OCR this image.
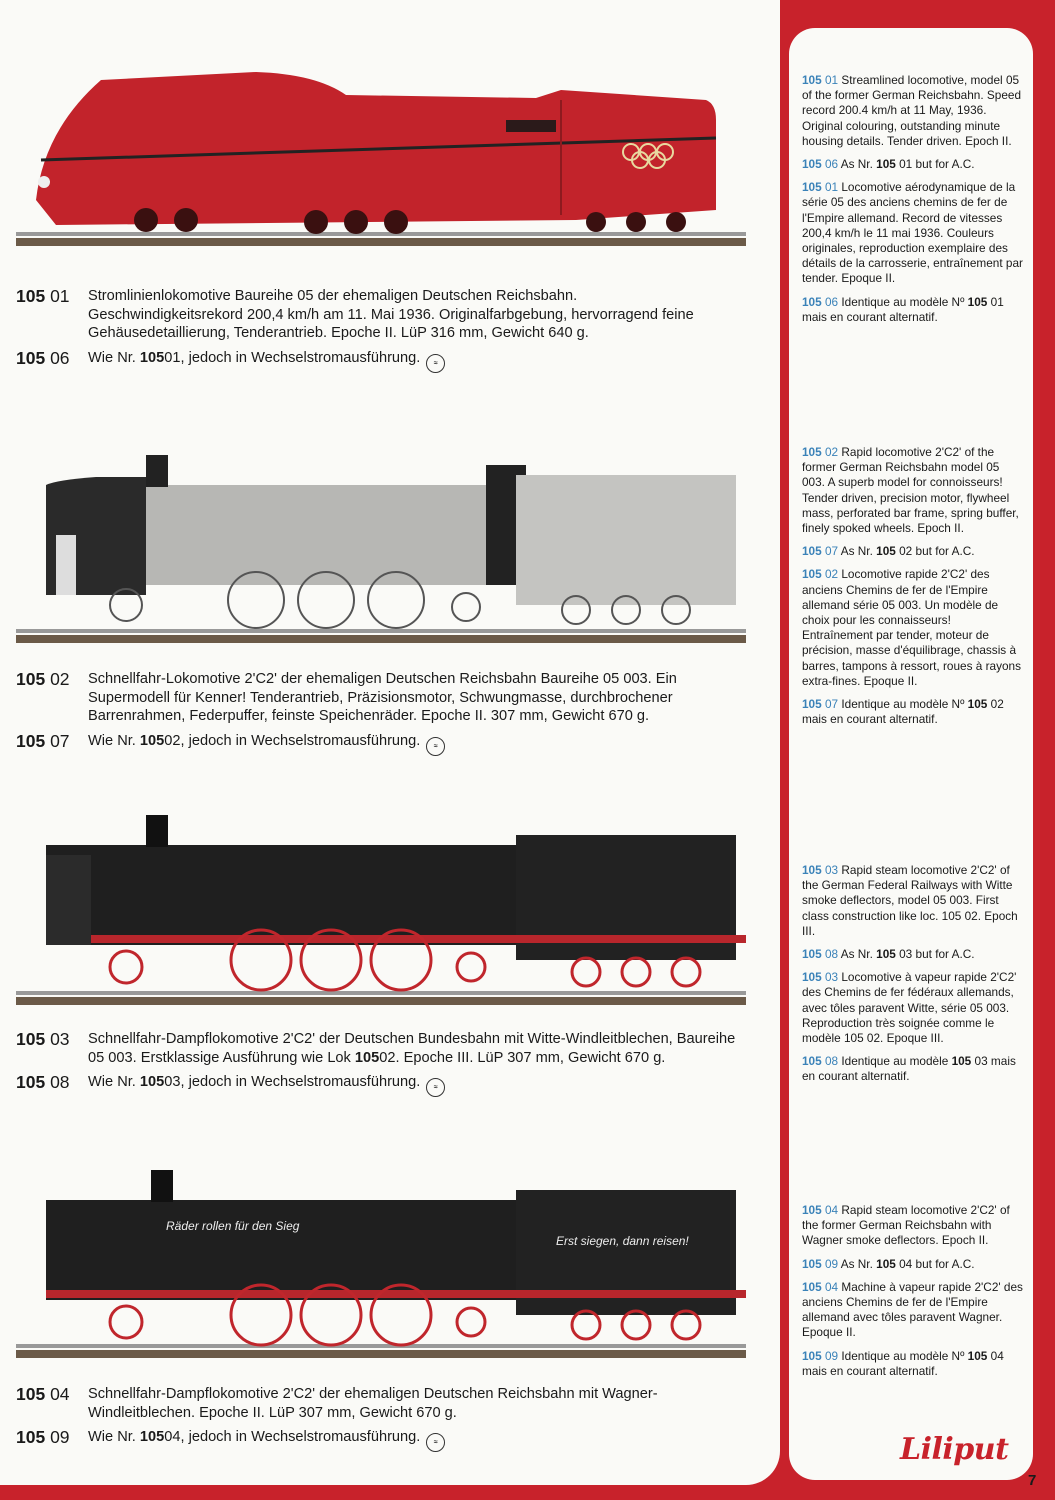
105 01 Stromlinienlokomotive Baureihe 05 der ehemaligen Deutschen Reichsbahn. Geschwindigkeitsrekord 200,4 km/h am 11. Mai 1936. Originalfarbgebung, hervorragend feine Gehäusedetaillierung, Tenderantrieb. Epoche II. LüP 316 mm, Gewicht 640 g.
105 06 Wie Nr. 10501, jedoch in Wechselstromausführung. ≈
105 02 Schnellfahr-Lokomotive 2'C2' der ehemaligen Deutschen Reichsbahn Baureihe 05 003. Ein Supermodell für Kenner! Tenderantrieb, Präzisionsmotor, Schwungmasse, durchbrochener Barrenrahmen, Federpuffer, feinste Speichenräder. Epoche II. 307 mm, Gewicht 670 g.
105 07 Wie Nr. 10502, jedoch in Wechselstromausführung. ≈
105 03 Schnellfahr-Dampflokomotive 2'C2' der Deutschen Bundesbahn mit Witte-Windleitblechen, Baureihe 05 003. Erstklassige Ausführung wie Lok 10502. Epoche III. LüP 307 mm, Gewicht 670 g.
105 08 Wie Nr. 10503, jedoch in Wechselstromausführung. ≈
Räder rollen für den Sieg
Erst siegen, dann reisen!
105 04 Schnellfahr-Dampflokomotive 2'C2' der ehemaligen Deutschen Reichsbahn mit Wagner-Windleitblechen. Epoche II. LüP 307 mm, Gewicht 670 g.
105 09 Wie Nr. 10504, jedoch in Wechselstromausführung. ≈

105 01 Streamlined locomotive, model 05 of the former German Reichsbahn. Speed record 200.4 km/h at 11 May, 1936. Original colouring, outstanding minute housing details. Tender driven. Epoch II.

105 06 As Nr. 105 01 but for A.C.

105 01 Locomotive aérodynamique de la série 05 des anciens chemins de fer de l'Empire allemand. Record de vitesses 200,4 km/h le 11 mai 1936. Couleurs originales, reproduction exemplaire des détails de la carrosserie, entraînement par tender. Epoque II.

105 06 Identique au modèle Nº 105 01 mais en courant alternatif.

105 02 Rapid locomotive 2'C2' of the former German Reichsbahn model 05 003. A superb model for connoisseurs! Tender driven, precision motor, flywheel mass, perforated bar frame, spring buffer, finely spoked wheels. Epoch II.

105 07 As Nr. 105 02 but for A.C.

105 02 Locomotive rapide 2'C2' des anciens Chemins de fer de l'Empire allemand série 05 003. Un modèle de choix pour les connaisseurs! Entraînement par tender, moteur de précision, masse d'équilibrage, chassis à barres, tampons à ressort, roues à rayons extra-fines. Epoque II.

105 07 Identique au modèle Nº 105 02 mais en courant alternatif.

105 03 Rapid steam locomotive 2'C2' of the German Federal Railways with Witte smoke deflectors, model 05 003. First class construction like loc. 105 02. Epoch III.

105 08 As Nr. 105 03 but for A.C.

105 03 Locomotive à vapeur rapide 2'C2' des Chemins de fer fédéraux allemands, avec tôles paravent Witte, série 05 003. Reproduction très soignée comme le modèle 105 02. Epoque III.

105 08 Identique au modèle 105 03 mais en courant alternatif.

105 04 Rapid steam locomotive 2'C2' of the former German Reichsbahn with Wagner smoke deflectors. Epoch II.

105 09 As Nr. 105 04 but for A.C.

105 04 Machine à vapeur rapide 2'C2' des anciens Chemins de fer de l'Empire allemand avec tôles paravent Wagner. Epoque II.

105 09 Identique au modèle Nº 105 04 mais en courant alternatif.

Liliput
7
